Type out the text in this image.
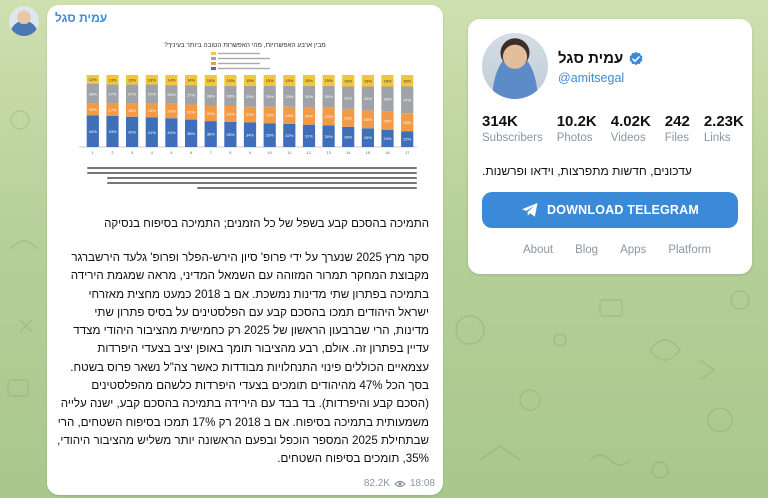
עמית סגל
מבין ארבע האפשרויות, מהי האפשרות הטובה ביותר בעיניך?
44%
16%
28%
12%
1
43%
17%
27%
13%
2
42%
18%
27%
13%
3
41%
19%
27%
13%
4
40%
20%
26%
14%
5
38%
21%
27%
14%
6
36%
21%
28%
15%
7
35%
22%
28%
15%
8
34%
22%
29%
15%
9
33%
23%
29%
15%
10
32%
24%
29%
15%
11
31%
24%
30%
15%
12
30%
25%
30%
15%
13
28%
25%
31%
16%
14
26%
25%
33%
16%
15
24%
25%
35%
16%
16
22%
25%
37%
16%
17
התמיכה בהסכם קבע בשפל של כל הזמנים; התמיכה בסיפוח בנסיקה
סקר מרץ 2025 שנערך על ידי פרופ' סיון הירש-הפלר ופרופ' גלעד הירשברגר מקבוצת המחקר תמרור המזוהה עם השמאל המדיני, מראה שמגמת הירידה בתמיכה בפתרון שתי מדינות נמשכת. אם ב 2018 כמעט מחצית מאזרחי ישראל היהודים תמכו בהסכם קבע עם הפלסטינים על בסיס פתרון שתי מדינות, הרי שברבעון הראשון של 2025 רק כחמישית מהציבור היהודי מצדד עדיין בפתרון זה. אולם, רבע מהציבור תומך באופן יציב בצעדי היפרדות עצמאיים הכוללים פינוי התנחלויות מבודדות כאשר צה"ל נשאר פרוס בשטח. בסך הכל 47% מהיהודים תומכים בצעדי היפרדות כלשהם מהפלסטינים (הסכם קבע והיפרדות). בד בבד עם הירידה בתמיכה בהסכם קבע, ישנה עלייה משמעותית בתמיכה בסיפוח. אם ב 2018 רק 17% תמכו בסיפוח השטחים, הרי שבתחילת 2025 המספר הוכפל ובפעם הראשונה יותר משליש מהציבור היהודי, 35%, תומכים בסיפוח השטחים.
82.2K 18:08
עמית סגל
@amitsegal
314K
Subscribers
10.2K
Photos
4.02K
Videos
242
Files
2.23K
Links
עדכונים, חדשות מתפרצות, וידאו ופרשנות.
DOWNLOAD TELEGRAM
About Blog Apps Platform
